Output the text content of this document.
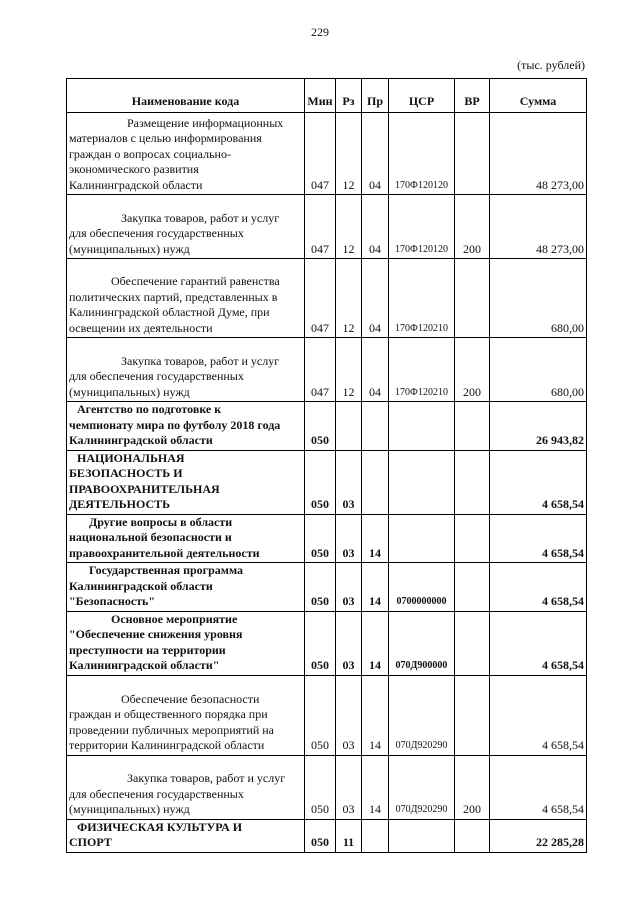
229
(тыс. рублей)
Наименование кода	Мин	Рз	Пр	ЦСР	ВР	Сумма

Размещение информационных
материалов с целью информирования
граждан о вопросах социально-
экономического развития
Калининградской области	047	12	04	170Ф120120		48 273,00

Закупка товаров, работ и услуг
для обеспечения государственных
(муниципальных) нужд	047	12	04	170Ф120120	200	48 273,00

Обеспечение гарантий равенства
политических партий, представленных в
Калининградской областной Думе, при
освещении их деятельности	047	12	04	170Ф120210		680,00

Закупка товаров, работ и услуг
для обеспечения государственных
(муниципальных) нужд	047	12	04	170Ф120210	200	680,00

Агентство по подготовке к
чемпионату мира по футболу 2018 года
Калининградской области	050					26 943,82

НАЦИОНАЛЬНАЯ
БЕЗОПАСНОСТЬ И
ПРАВООХРАНИТЕЛЬНАЯ
ДЕЯТЕЛЬНОСТЬ	050	03				4 658,54

Другие вопросы в области
национальной безопасности и
правоохранительной деятельности	050	03	14			4 658,54

Государственная программа
Калининградской области
"Безопасность"	050	03	14	0700000000		4 658,54

Основное мероприятие
"Обеспечение снижения уровня
преступности на территории
Калининградской области"	050	03	14	070Д900000		4 658,54

Обеспечение безопасности
граждан и общественного порядка при
проведении публичных мероприятий на
территории Калининградской области	050	03	14	070Д920290		4 658,54

Закупка товаров, работ и услуг
для обеспечения государственных
(муниципальных) нужд	050	03	14	070Д920290	200	4 658,54

ФИЗИЧЕСКАЯ КУЛЬТУРА И
СПОРТ	050	11				22 285,28
